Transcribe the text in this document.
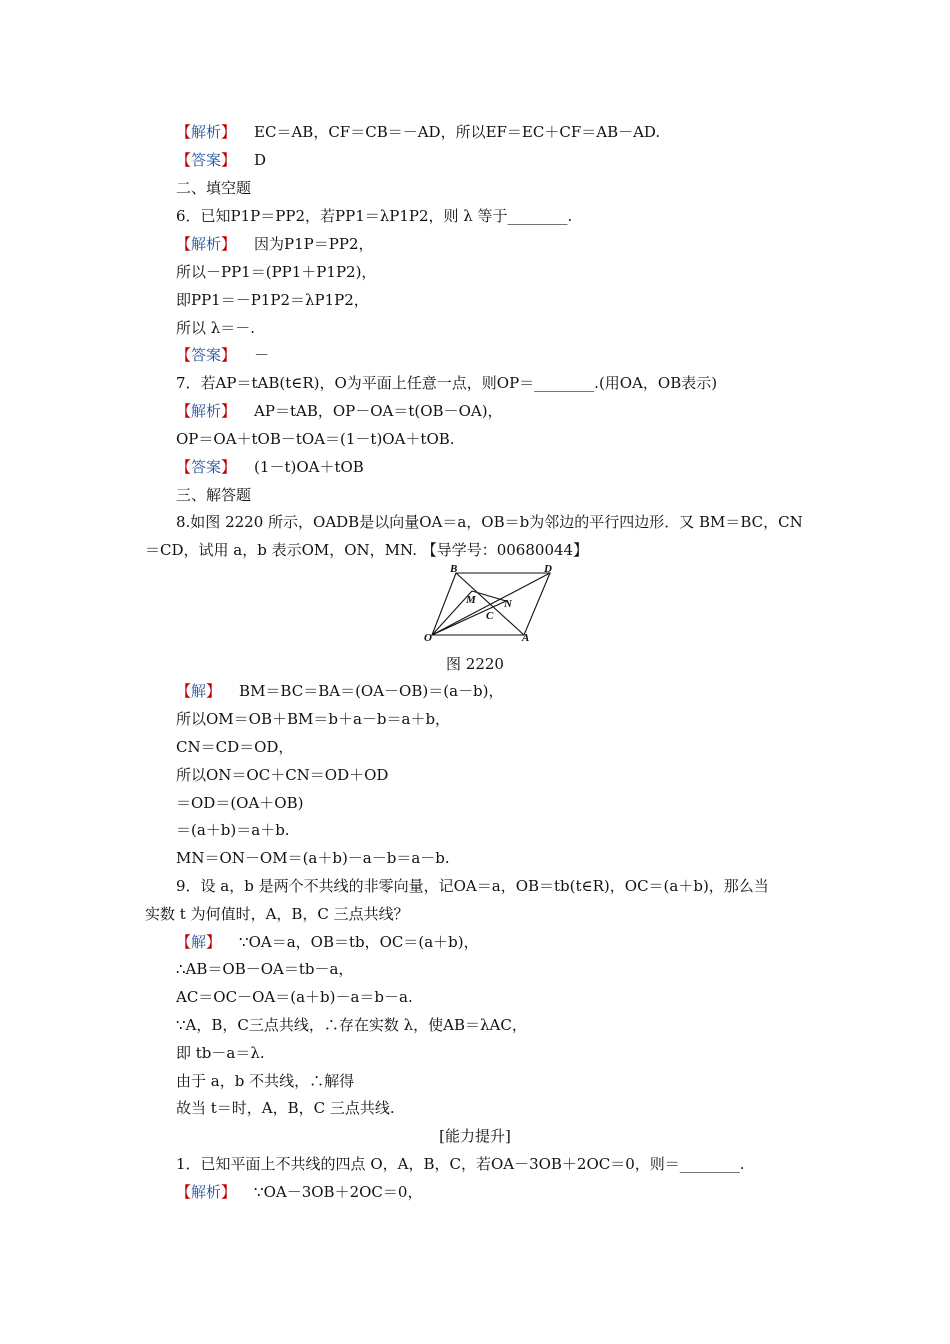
【解析】 EC＝AB，CF＝CB＝－AD，所以EF＝EC＋CF＝AB－AD.
【答案】 D
二、填空题
6．已知P1P＝PP2，若PP1＝λP1P2，则 λ 等于________.
【解析】 因为P1P＝PP2，
所以－PP1＝(PP1＋P1P2)，
即PP1＝－P1P2＝λP1P2，
所以 λ＝－.
【答案】 －
7．若AP＝tAB(t∈R)，O为平面上任意一点，则OP＝________.(用OA，OB表示)
【解析】 AP＝tAB，OP－OA＝t(OB－OA)，
OP＝OA＋tOB－tOA＝(1－t)OA＋tOB.
【答案】 (1－t)OA＋tOB
三、解答题
8.如图 2220 所示，OADB是以向量OA＝a，OB＝b为邻边的平行四边形．又 BM＝BC，CN
＝CD，试用 a，b 表示OM，ON，MN. 【导学号：00680044】
B	D
M	N
C
O	A
图 2220
【解】 BM＝BC＝BA＝(OA－OB)＝(a－b)，
所以OM＝OB＋BM＝b＋a－b＝a＋b，
CN＝CD＝OD，
所以ON＝OC＋CN＝OD＋OD
＝OD＝(OA＋OB)
＝(a＋b)＝a＋b.
MN＝ON－OM＝(a＋b)－a－b＝a－b.
9．设 a，b 是两个不共线的非零向量，记OA＝a，OB＝tb(t∈R)，OC＝(a＋b)，那么当
实数 t 为何值时，A，B，C 三点共线？
【解】 ∵OA＝a，OB＝tb，OC＝(a＋b)，
∴AB＝OB－OA＝tb－a，
AC＝OC－OA＝(a＋b)－a＝b－a.
∵A，B，C三点共线，∴存在实数 λ，使AB＝λAC，
即 tb－a＝λ.
由于 a，b 不共线，∴解得
故当 t＝时，A，B，C 三点共线.
[能力提升]
1．已知平面上不共线的四点 O，A，B，C，若OA－3OB＋2OC＝0，则＝________.
【解析】 ∵OA－3OB＋2OC＝0，
